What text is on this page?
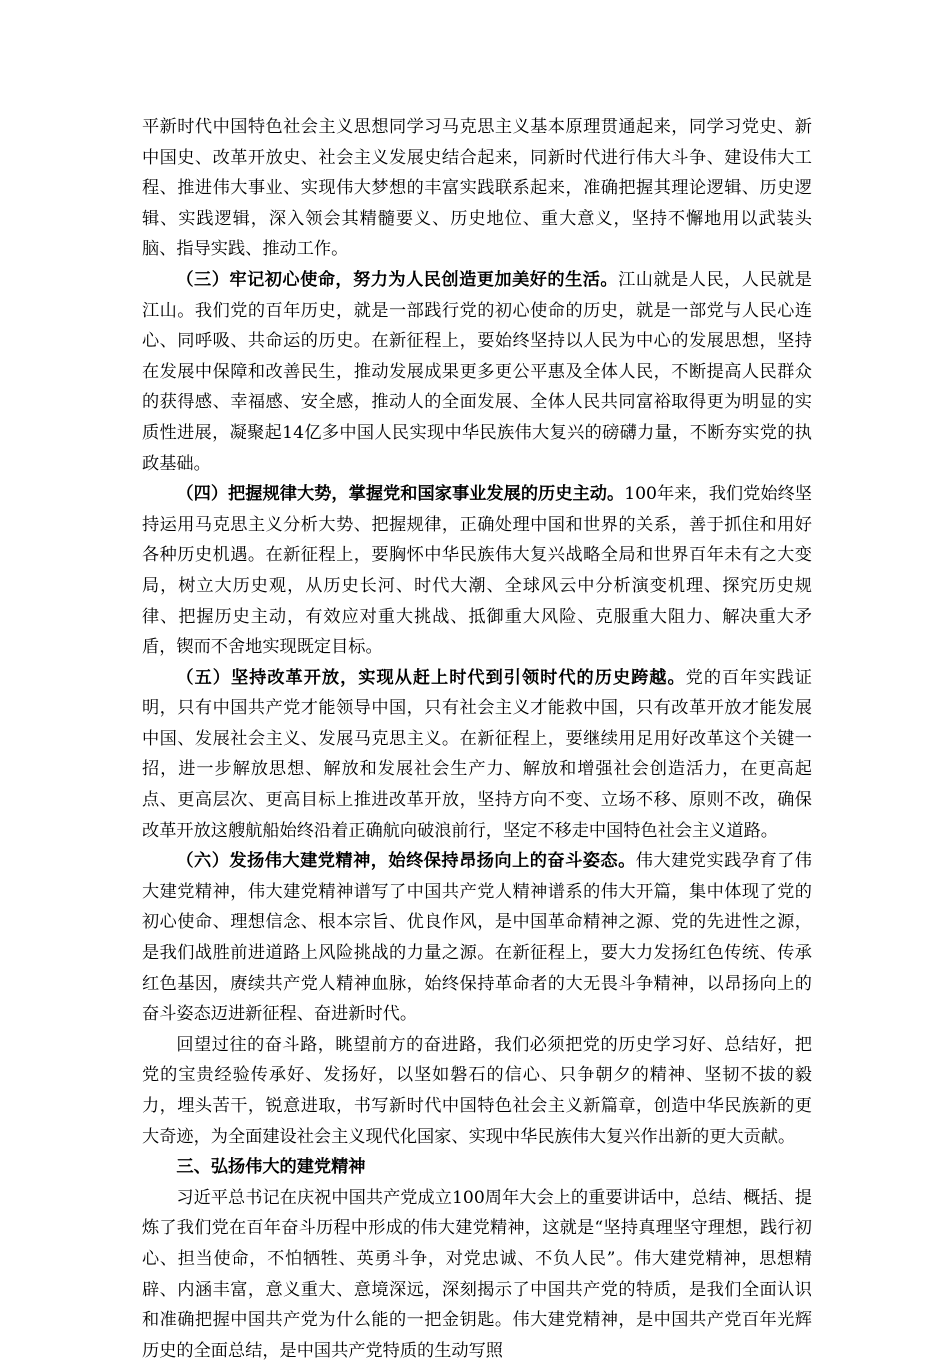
平新时代中国特色社会主义思想同学习马克思主义基本原理贯通起来，同学习党史、新中国史、改革开放史、社会主义发展史结合起来，同新时代进行伟大斗争、建设伟大工程、推进伟大事业、实现伟大梦想的丰富实践联系起来，准确把握其理论逻辑、历史逻辑、实践逻辑，深入领会其精髓要义、历史地位、重大意义，坚持不懈地用以武装头脑、指导实践、推动工作。

（三）牢记初心使命，努力为人民创造更加美好的生活。江山就是人民，人民就是江山。我们党的百年历史，就是一部践行党的初心使命的历史，就是一部党与人民心连心、同呼吸、共命运的历史。在新征程上，要始终坚持以人民为中心的发展思想，坚持在发展中保障和改善民生，推动发展成果更多更公平惠及全体人民，不断提高人民群众的获得感、幸福感、安全感，推动人的全面发展、全体人民共同富裕取得更为明显的实质性进展，凝聚起14亿多中国人民实现中华民族伟大复兴的磅礴力量，不断夯实党的执政基础。

（四）把握规律大势，掌握党和国家事业发展的历史主动。100年来，我们党始终坚持运用马克思主义分析大势、把握规律，正确处理中国和世界的关系，善于抓住和用好各种历史机遇。在新征程上，要胸怀中华民族伟大复兴战略全局和世界百年未有之大变局，树立大历史观，从历史长河、时代大潮、全球风云中分析演变机理、探究历史规律、把握历史主动，有效应对重大挑战、抵御重大风险、克服重大阻力、解决重大矛盾，锲而不舍地实现既定目标。

（五）坚持改革开放，实现从赶上时代到引领时代的历史跨越。党的百年实践证明，只有中国共产党才能领导中国，只有社会主义才能救中国，只有改革开放才能发展中国、发展社会主义、发展马克思主义。在新征程上，要继续用足用好改革这个关键一招，进一步解放思想、解放和发展社会生产力、解放和增强社会创造活力，在更高起点、更高层次、更高目标上推进改革开放，坚持方向不变、立场不移、原则不改，确保改革开放这艘航船始终沿着正确航向破浪前行，坚定不移走中国特色社会主义道路。

（六）发扬伟大建党精神，始终保持昂扬向上的奋斗姿态。伟大建党实践孕育了伟大建党精神，伟大建党精神谱写了中国共产党人精神谱系的伟大开篇，集中体现了党的初心使命、理想信念、根本宗旨、优良作风，是中国革命精神之源、党的先进性之源，是我们战胜前进道路上风险挑战的力量之源。在新征程上，要大力发扬红色传统、传承红色基因，赓续共产党人精神血脉，始终保持革命者的大无畏斗争精神，以昂扬向上的奋斗姿态迈进新征程、奋进新时代。

回望过往的奋斗路，眺望前方的奋进路，我们必须把党的历史学习好、总结好，把党的宝贵经验传承好、发扬好，以坚如磐石的信心、只争朝夕的精神、坚韧不拔的毅力，埋头苦干，锐意进取，书写新时代中国特色社会主义新篇章，创造中华民族新的更大奇迹，为全面建设社会主义现代化国家、实现中华民族伟大复兴作出新的更大贡献。

三、弘扬伟大的建党精神

习近平总书记在庆祝中国共产党成立100周年大会上的重要讲话中，总结、概括、提炼了我们党在百年奋斗历程中形成的伟大建党精神，这就是“坚持真理坚守理想，践行初心、担当使命，不怕牺牲、英勇斗争，对党忠诚、不负人民”。伟大建党精神，思想精辟、内涵丰富，意义重大、意境深远，深刻揭示了中国共产党的特质，是我们全面认识和准确把握中国共产党为什么能的一把金钥匙。伟大建党精神，是中国共产党百年光辉历史的全面总结，是中国共产党特质的生动写照
